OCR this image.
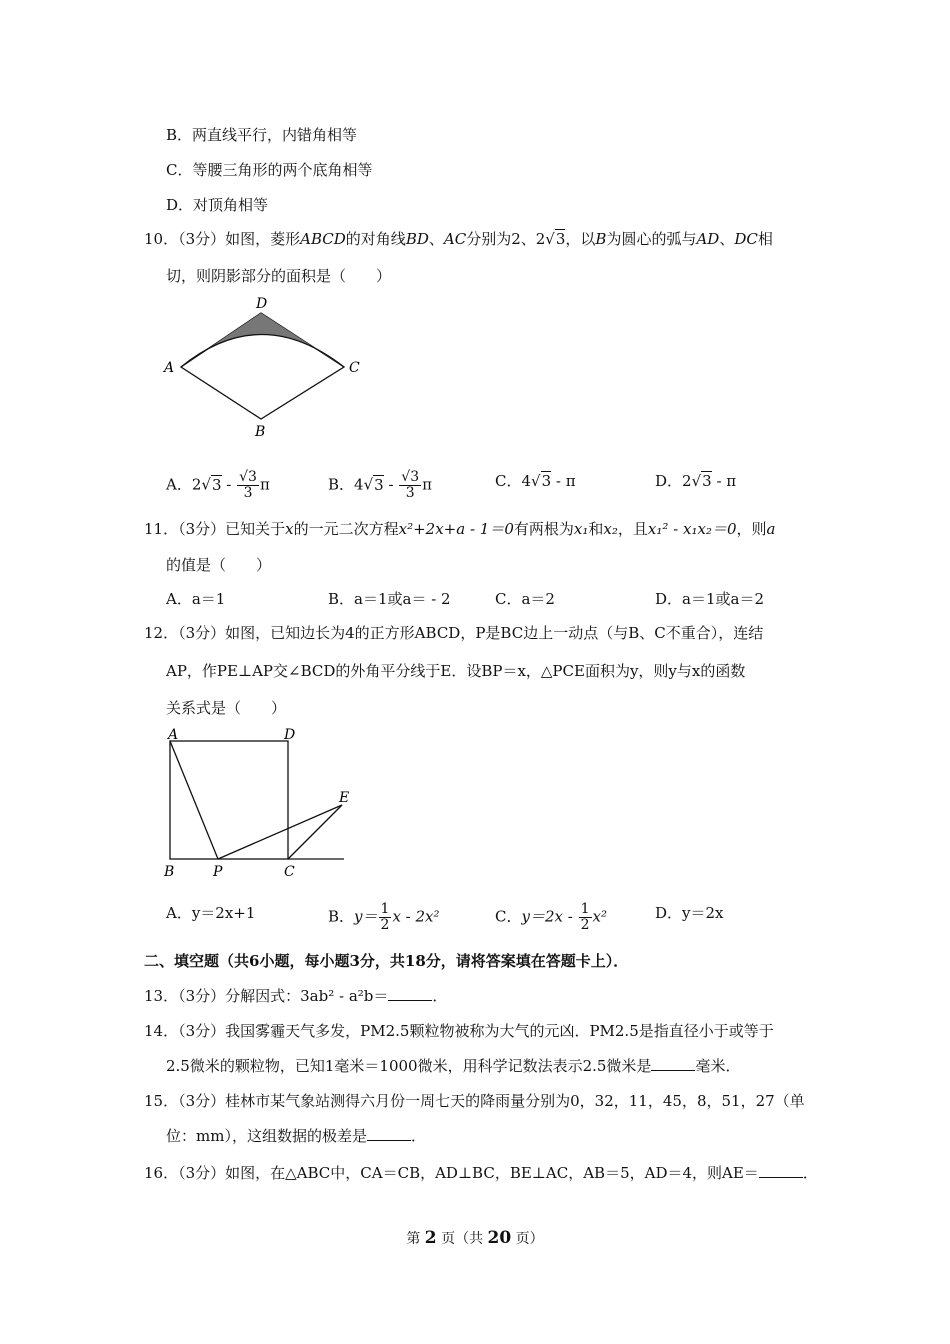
B．两直线平行，内错角相等
C．等腰三角形的两个底角相等
D．对顶角相等
10．（3分）如图，菱形ABCD的对角线BD、AC分别为2、2√3，以B为圆心的弧与AD、DC相
切，则阴影部分的面积是（　　）
A
D
C
B
A．$2√3 - \frac{√3}{3}$ π	B．$4√3 - \frac{√3}{3}$ π	C．4√3 - π	D．2√3 - π
11．（3分）已知关于x的一元二次方程x²+2x+a - 1＝0有两根为x₁和x₂，且x₁² - x₁x₂＝0，则a
的值是（　　）
A．a＝1	B．a＝1或a＝ - 2	C．a＝2	D．a＝1或a＝2
12．（3分）如图，已知边长为4的正方形ABCD，P是BC边上一动点（与B、C不重合），连结
AP，作PE⊥AP交∠BCD的外角平分线于E．设BP＝x，△PCE面积为y，则y与x的函数
关系式是（　　）
A	D
B	P	C
E
A．y＝2x+1	B．$y= \frac{1}{2}$ x - 2x²	C．$y=2x - \frac{1}{2} x^2$	D．y＝2x
二、填空题（共6小题，每小题3分，共18分，请将答案填在答题卡上）．
13．（3分）分解因式：3ab² - a²b＝	．
14．（3分）我国雾霾天气多发，PM2.5颗粒物被称为大气的元凶．PM2.5是指直径小于或等于
2.5微米的颗粒物，已知1毫米＝1000微米，用科学记数法表示2.5微米是	毫米．
15．（3分）桂林市某气象站测得六月份一周七天的降雨量分别为0，32，11，45，8，51，27（单
位：mm），这组数据的极差是	．
16．（3分）如图，在△ABC中，CA＝CB，AD⊥BC，BE⊥AC，AB＝5，AD＝4，则AE＝	．
第 2 页（共 20 页）
